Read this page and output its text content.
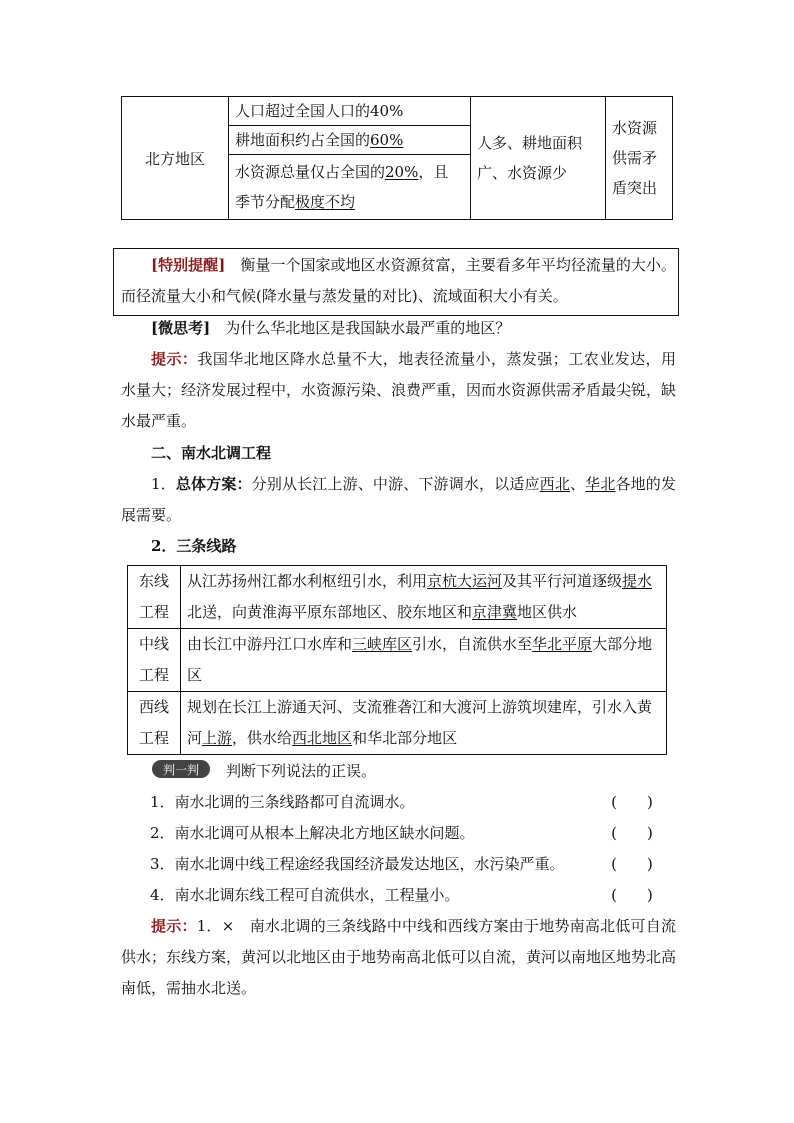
北方地区	人口超过全国人口的40%	人多、耕地面积广、水资源少	水资源供需矛盾突出
耕地面积约占全国的60%
水资源总量仅占全国的20%，且
季节分配极度不均
[特别提醒]　 衡量一个国家或地区水资源贫富，主要看多年平均径流量的大小。而径流量大小和气候(降水量与蒸发量的对比)、流域面积大小有关。
[微思考]　 为什么华北地区是我国缺水最严重的地区？
提示：我国华北地区降水总量不大，地表径流量小，蒸发强；工农业发达，用水量大；经济发展过程中，水资源污染、浪费严重，因而水资源供需矛盾最尖锐，缺水最严重。
二、南水北调工程
1．总体方案：分别从长江上游、中游、下游调水，以适应西北、华北各地的发展需要。
2．三条线路
东线工程	从江苏扬州江都水利枢纽引水，利用京杭大运河及其平行河道逐级提水北送，向黄淮海平原东部地区、胶东地区和京津冀地区供水
中线工程	由长江中游丹江口水库和三峡库区引水，自流供水至华北平原大部分地区
西线工程	规划在长江上游通天河、支流雅砻江和大渡河上游筑坝建库，引水入黄河上游，供水给西北地区和华北部分地区
判一判	判断下列说法的正误。
1．南水北调的三条线路都可自流调水。	(　　)
2．南水北调可从根本上解决北方地区缺水问题。	(　　)
3．南水北调中线工程途经我国经济最发达地区，水污染严重。	(　　)
4．南水北调东线工程可自流供水，工程量小。	(　　)
提示：1．×　南水北调的三条线路中中线和西线方案由于地势南高北低可自流供水；东线方案，黄河以北地区由于地势南高北低可以自流，黄河以南地区地势北高南低，需抽水北送。
